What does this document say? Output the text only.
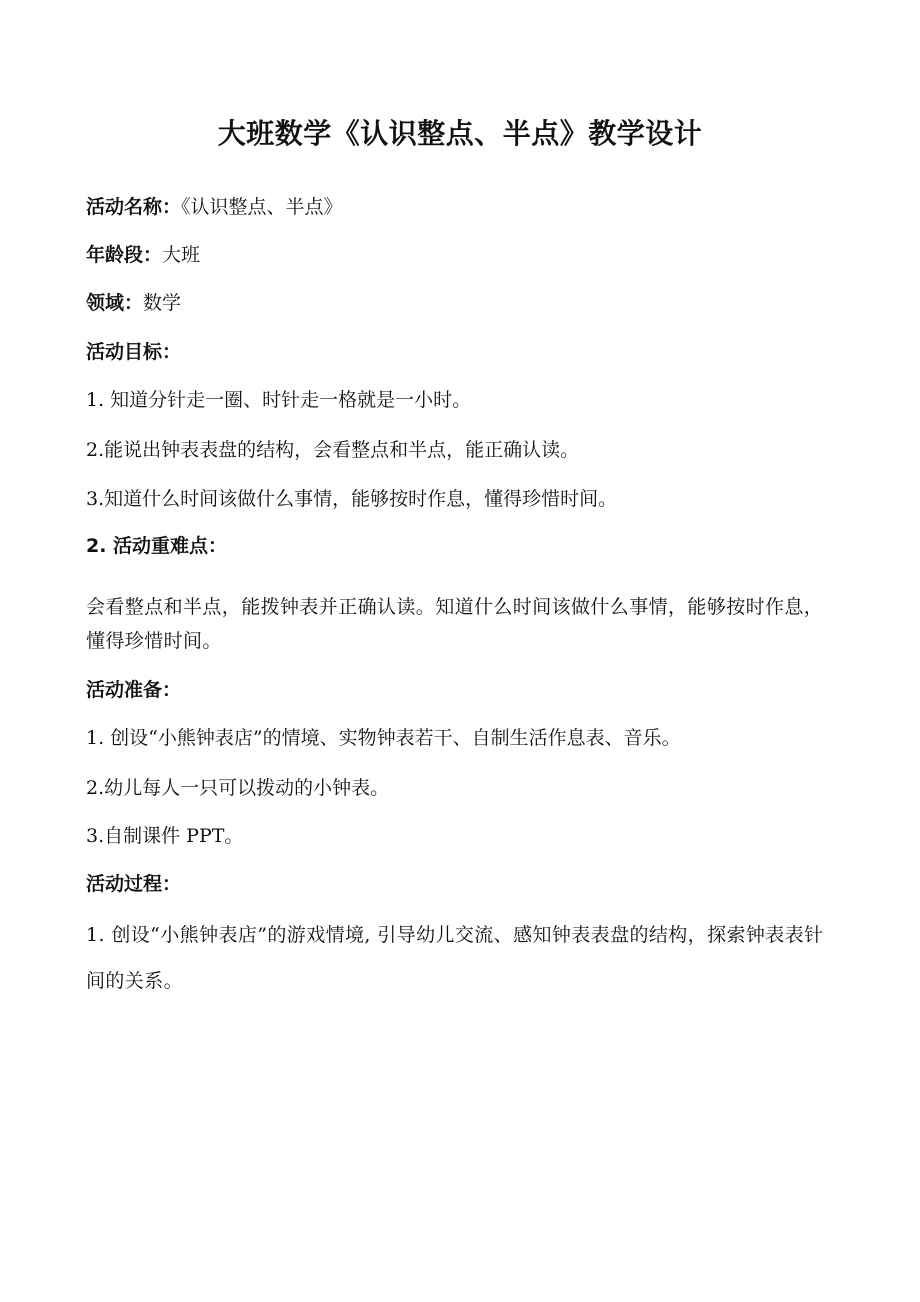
大班数学《认识整点、半点》教学设计
活动名称：《认识整点、半点》
年龄段：大班
领域：数学
活动目标：
1. 知道分针走一圈、时针走一格就是一小时。
2.能说出钟表表盘的结构，会看整点和半点，能正确认读。
3.知道什么时间该做什么事情，能够按时作息，懂得珍惜时间。
2. 活动重难点：
会看整点和半点，能拨钟表并正确认读。知道什么时间该做什么事情，能够按时作息，懂得珍惜时间。
活动准备：
1. 创设“小熊钟表店”的情境、实物钟表若干、自制生活作息表、音乐。
2.幼儿每人一只可以拨动的小钟表。
3.自制课件 PPT。
活动过程：
1. 创设“小熊钟表店”的游戏情境, 引导幼儿交流、感知钟表表盘的结构，探索钟表表针间的关系。
